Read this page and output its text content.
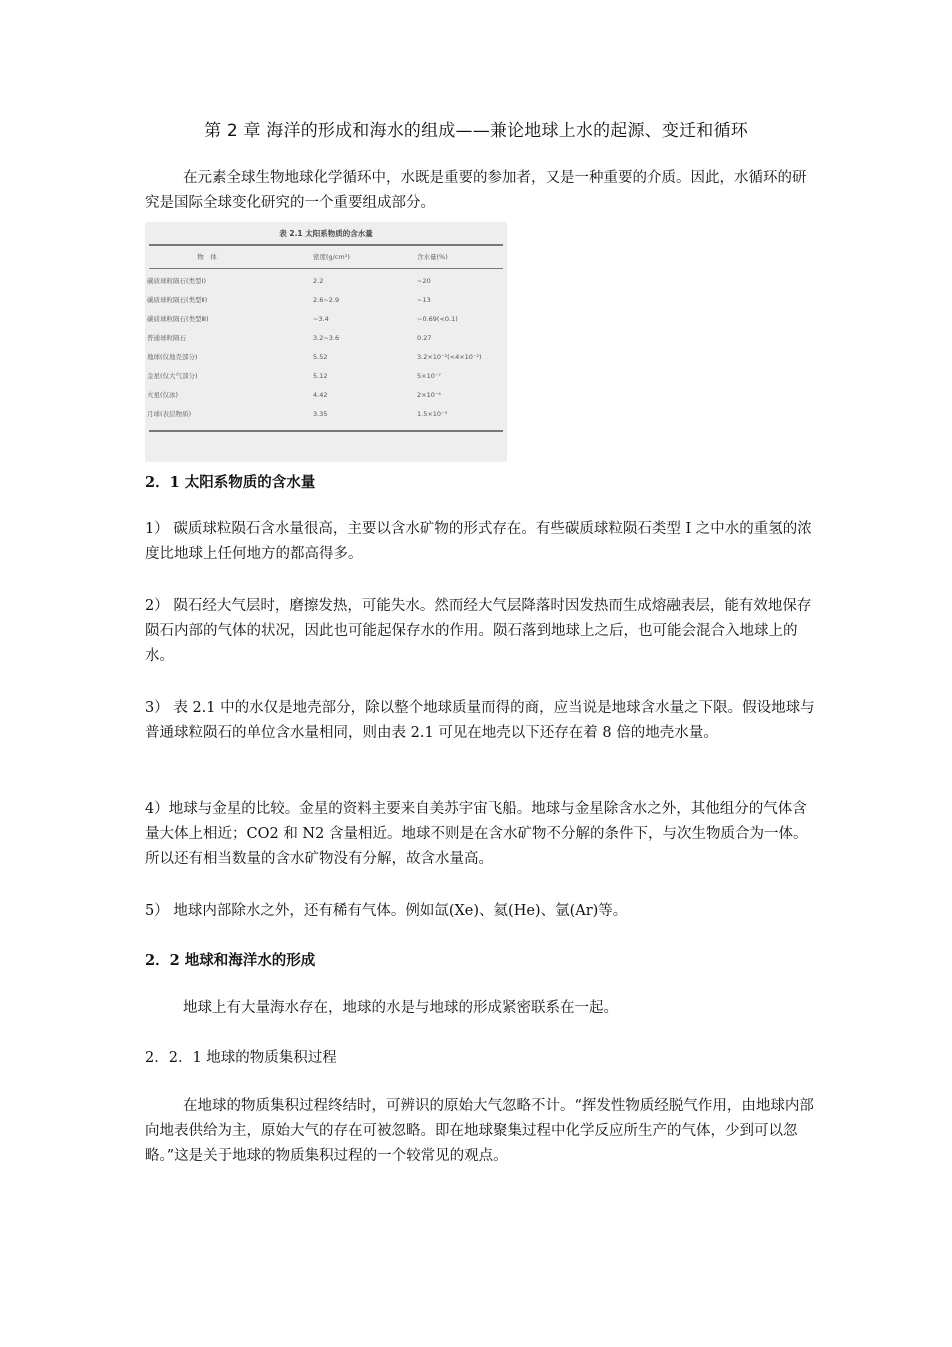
第 2 章 海洋的形成和海水的组成——兼论地球上水的起源、变迁和循环

在元素全球生物地球化学循环中，水既是重要的参加者，又是一种重要的介质。因此，水循环的研究是国际全球变化研究的一个重要组成部分。

表 2.1 太阳系物质的含水量
物　体	密度(g/cm³)	含水量(%)
碳质球粒陨石(类型Ⅰ)	2.2	~20
碳质球粒陨石(类型Ⅱ)	2.6~2.9	~13
碳质球粒陨石(类型Ⅲ)	~3.4	~0.69(<0.1)
普通球粒陨石	3.2~3.6	0.27
地球(仅地壳部分)	5.52	3.2×10⁻²(<4×10⁻²)
金星(仅大气部分)	5.12	5×10⁻⁷
火星(仅冰)	4.42	2×10⁻⁴
月球(表层物质)	3.35	1.5×10⁻³

2．1 太阳系物质的含水量

1） 碳质球粒陨石含水量很高，主要以含水矿物的形式存在。有些碳质球粒陨石类型 I 之中水的重氢的浓度比地球上任何地方的都高得多。

2） 陨石经大气层时，磨擦发热，可能失水。然而经大气层降落时因发热而生成熔融表层，能有效地保存陨石内部的气体的状况，因此也可能起保存水的作用。陨石落到地球上之后，也可能会混合入地球上的水。

3） 表 2.1 中的水仅是地壳部分，除以整个地球质量而得的商，应当说是地球含水量之下限。假设地球与普通球粒陨石的单位含水量相同，则由表 2.1 可见在地壳以下还存在着 8 倍的地壳水量。

4）地球与金星的比较。金星的资料主要来自美苏宇宙飞船。地球与金星除含水之外，其他组分的气体含量大体上相近；CO2 和 N2 含量相近。地球不则是在含水矿物不分解的条件下，与次生物质合为一体。所以还有相当数量的含水矿物没有分解，故含水量高。

5） 地球内部除水之外，还有稀有气体。例如氙(Xe)、氦(He)、氩(Ar)等。

2．2 地球和海洋水的形成

地球上有大量海水存在，地球的水是与地球的形成紧密联系在一起。

2．2．1 地球的物质集积过程

在地球的物质集积过程终结时，可辨识的原始大气忽略不计。“挥发性物质经脱气作用，由地球内部向地表供给为主，原始大气的存在可被忽略。即在地球聚集过程中化学反应所生产的气体，少到可以忽略。”这是关于地球的物质集积过程的一个较常见的观点。
